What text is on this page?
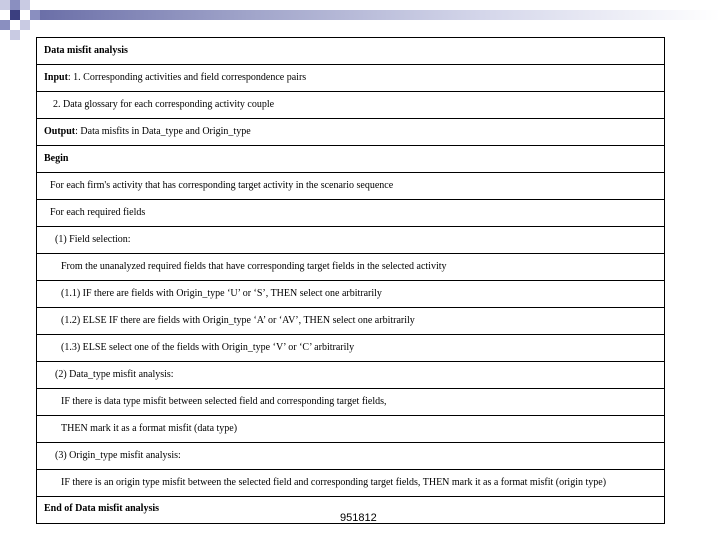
Data misfit analysis
Input: 1. Corresponding activities and field correspondence pairs
2. Data glossary for each corresponding activity couple
Output: Data misfits in Data_type and Origin_type
Begin
For each firm's activity that has corresponding target activity in the scenario sequence
For each required fields
(1) Field selection:
From the unanalyzed required fields that have corresponding target fields in the selected activity
(1.1) IF there are fields with Origin_type ‘U’ or ‘S’, THEN select one arbitrarily
(1.2) ELSE IF there are fields with Origin_type ‘A’ or ‘AV’, THEN select one arbitrarily
(1.3) ELSE select one of the fields with Origin_type ‘V’ or ‘C’ arbitrarily
(2) Data_type misfit analysis:
IF there is data type misfit between selected field and corresponding target fields,
THEN mark it as a format misfit (data type)
(3) Origin_type misfit analysis:
IF there is an origin type misfit between the selected field and corresponding target fields, THEN mark it as a format misfit (origin type)
End of Data misfit analysis
951812
